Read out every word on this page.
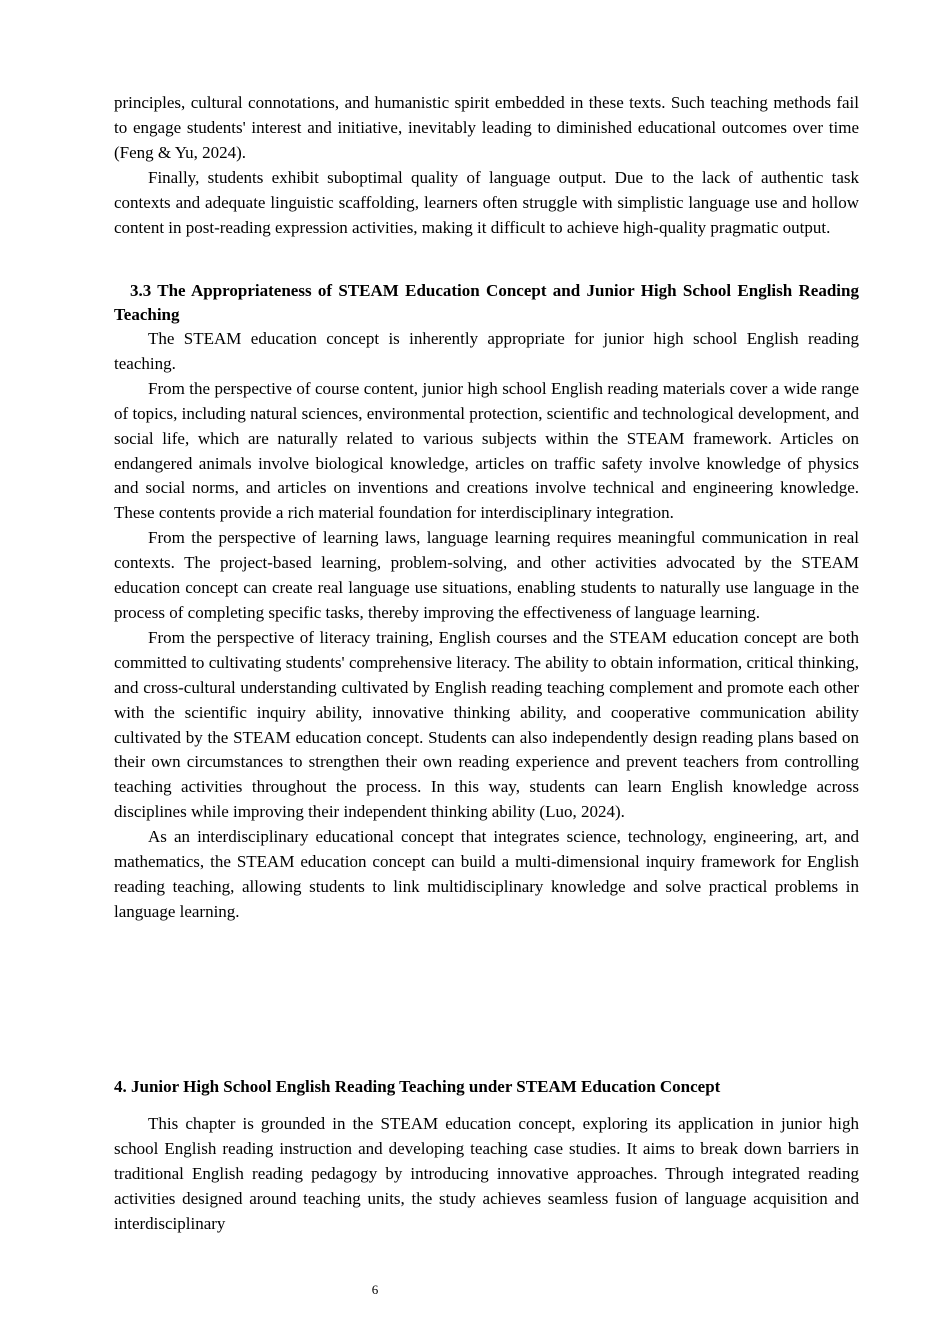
principles, cultural connotations, and humanistic spirit embedded in these texts. Such teaching methods fail to engage students' interest and initiative, inevitably leading to diminished educational outcomes over time (Feng & Yu, 2024).

Finally, students exhibit suboptimal quality of language output. Due to the lack of authentic task contexts and adequate linguistic scaffolding, learners often struggle with simplistic language use and hollow content in post-reading expression activities, making it difficult to achieve high-quality pragmatic output.

3.3 The Appropriateness of STEAM Education Concept and Junior High School English Reading Teaching

The STEAM education concept is inherently appropriate for junior high school English reading teaching.

From the perspective of course content, junior high school English reading materials cover a wide range of topics, including natural sciences, environmental protection, scientific and technological development, and social life, which are naturally related to various subjects within the STEAM framework. Articles on endangered animals involve biological knowledge, articles on traffic safety involve knowledge of physics and social norms, and articles on inventions and creations involve technical and engineering knowledge. These contents provide a rich material foundation for interdisciplinary integration.

From the perspective of learning laws, language learning requires meaningful communication in real contexts. The project-based learning, problem-solving, and other activities advocated by the STEAM education concept can create real language use situations, enabling students to naturally use language in the process of completing specific tasks, thereby improving the effectiveness of language learning.

From the perspective of literacy training, English courses and the STEAM education concept are both committed to cultivating students' comprehensive literacy. The ability to obtain information, critical thinking, and cross-cultural understanding cultivated by English reading teaching complement and promote each other with the scientific inquiry ability, innovative thinking ability, and cooperative communication ability cultivated by the STEAM education concept. Students can also independently design reading plans based on their own circumstances to strengthen their own reading experience and prevent teachers from controlling teaching activities throughout the process. In this way, students can learn English knowledge across disciplines while improving their independent thinking ability (Luo, 2024).

As an interdisciplinary educational concept that integrates science, technology, engineering, art, and mathematics, the STEAM education concept can build a multi-dimensional inquiry framework for English reading teaching, allowing students to link multidisciplinary knowledge and solve practical problems in language learning.

4. Junior High School English Reading Teaching under STEAM Education Concept

This chapter is grounded in the STEAM education concept, exploring its application in junior high school English reading instruction and developing teaching case studies. It aims to break down barriers in traditional English reading pedagogy by introducing innovative approaches. Through integrated reading activities designed around teaching units, the study achieves seamless fusion of language acquisition and interdisciplinary

6
